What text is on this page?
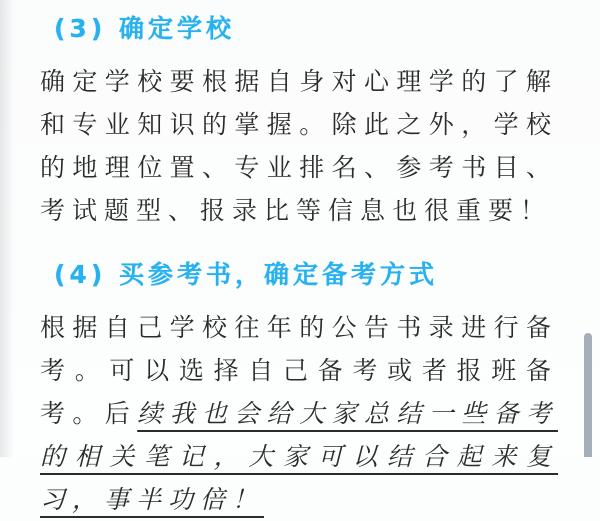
(3) 确定学校

确定学校要根据自身对心理学的了解和专业知识的掌握。除此之外，学校的地理位置、专业排名、参考书目、考试题型、报录比等信息也很重要！

(4) 买参考书，确定备考方式

根据自己学校往年的公告书录进行备考。可以选择自己备考或者报班备考。后续我也会给大家总结一些备考的相关笔记，大家可以结合起来复习，事半功倍！
